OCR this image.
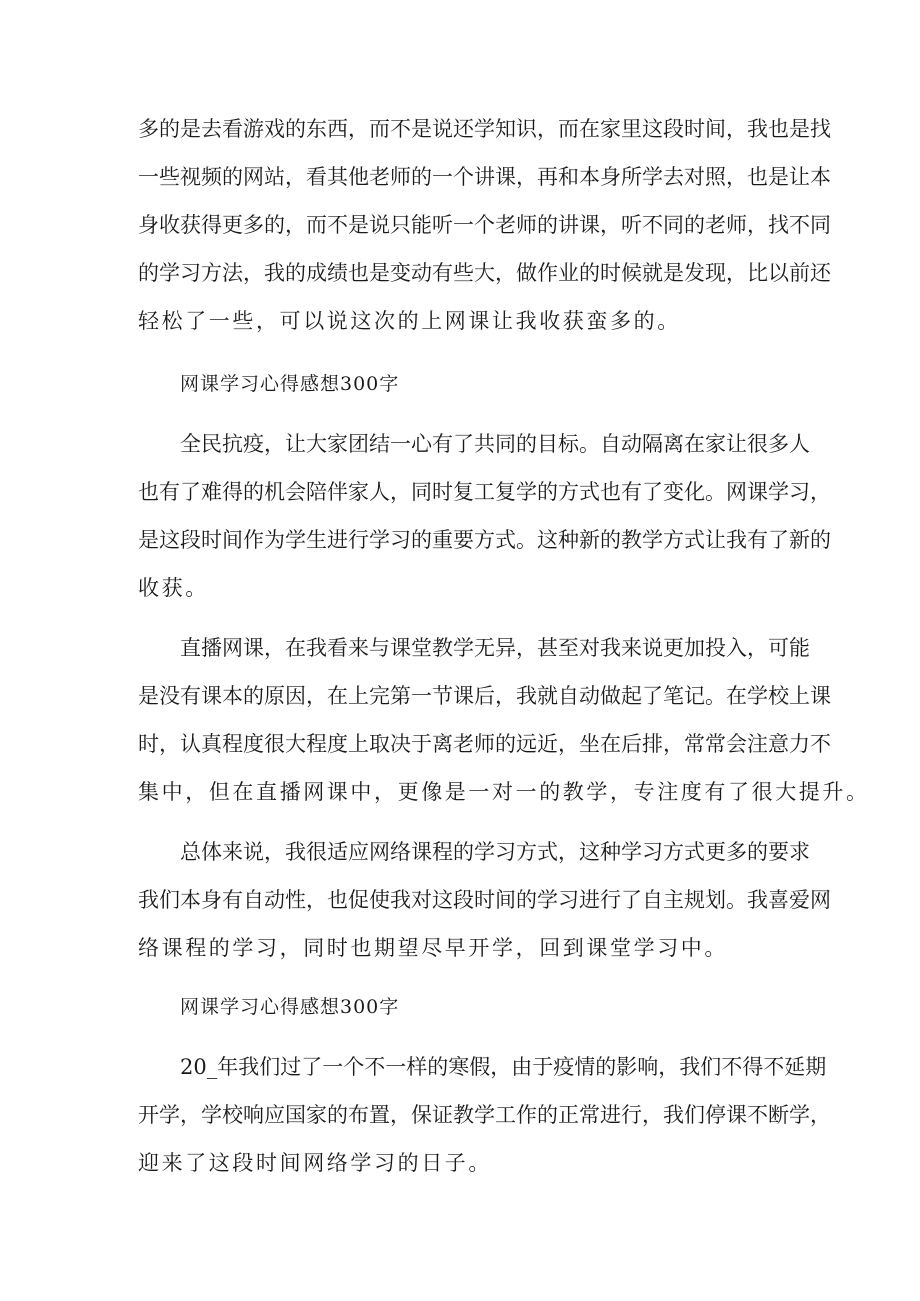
多的是去看游戏的东西，而不是说还学知识，而在家里这段时间，我也是找

一些视频的网站，看其他老师的一个讲课，再和本身所学去对照，也是让本

身收获得更多的，而不是说只能听一个老师的讲课，听不同的老师，找不同

的学习方法，我的成绩也是变动有些大，做作业的时候就是发现，比以前还

轻松了一些，可以说这次的上网课让我收获蛮多的。

网课学习心得感想300字

全民抗疫，让大家团结一心有了共同的目标。自动隔离在家让很多人

也有了难得的机会陪伴家人，同时复工复学的方式也有了变化。网课学习，

是这段时间作为学生进行学习的重要方式。这种新的教学方式让我有了新的

收获。

直播网课，在我看来与课堂教学无异，甚至对我来说更加投入，可能

是没有课本的原因，在上完第一节课后，我就自动做起了笔记。在学校上课

时，认真程度很大程度上取决于离老师的远近，坐在后排，常常会注意力不

集中，但在直播网课中，更像是一对一的教学，专注度有了很大提升。

总体来说，我很适应网络课程的学习方式，这种学习方式更多的要求

我们本身有自动性，也促使我对这段时间的学习进行了自主规划。我喜爱网

络课程的学习，同时也期望尽早开学，回到课堂学习中。

网课学习心得感想300字

20_年我们过了一个不一样的寒假，由于疫情的影响，我们不得不延期

开学，学校响应国家的布置，保证教学工作的正常进行，我们停课不断学，

迎来了这段时间网络学习的日子。
